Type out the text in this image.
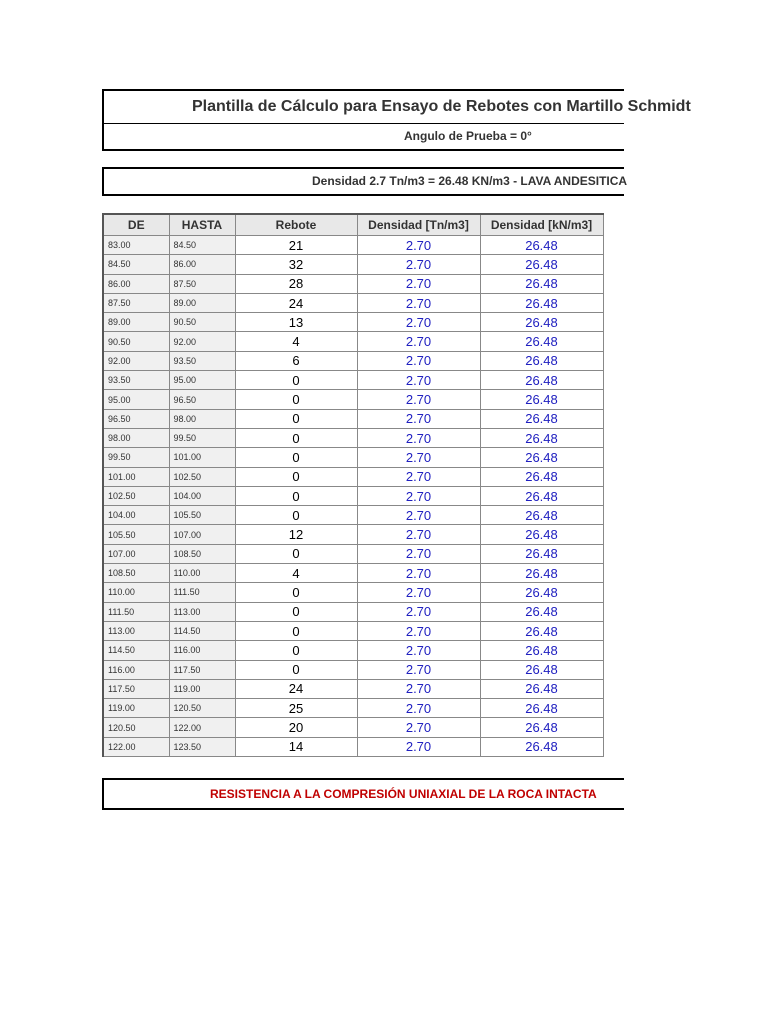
Plantilla de Cálculo para Ensayo de Rebotes con Martillo Schmidt
Angulo de Prueba = 0°
Densidad 2.7 Tn/m3 = 26.48 KN/m3 - LAVA ANDESITICA
DE	HASTA	Rebote	Densidad [Tn/m3]	Densidad [kN/m3]
83.00	84.50	21	2.70	26.48
84.50	86.00	32	2.70	26.48
86.00	87.50	28	2.70	26.48
87.50	89.00	24	2.70	26.48
89.00	90.50	13	2.70	26.48
90.50	92.00	4	2.70	26.48
92.00	93.50	6	2.70	26.48
93.50	95.00	0	2.70	26.48
95.00	96.50	0	2.70	26.48
96.50	98.00	0	2.70	26.48
98.00	99.50	0	2.70	26.48
99.50	101.00	0	2.70	26.48
101.00	102.50	0	2.70	26.48
102.50	104.00	0	2.70	26.48
104.00	105.50	0	2.70	26.48
105.50	107.00	12	2.70	26.48
107.00	108.50	0	2.70	26.48
108.50	110.00	4	2.70	26.48
110.00	111.50	0	2.70	26.48
111.50	113.00	0	2.70	26.48
113.00	114.50	0	2.70	26.48
114.50	116.00	0	2.70	26.48
116.00	117.50	0	2.70	26.48
117.50	119.00	24	2.70	26.48
119.00	120.50	25	2.70	26.48
120.50	122.00	20	2.70	26.48
122.00	123.50	14	2.70	26.48
RESISTENCIA A LA COMPRESIÓN UNIAXIAL DE LA ROCA INTACTA
